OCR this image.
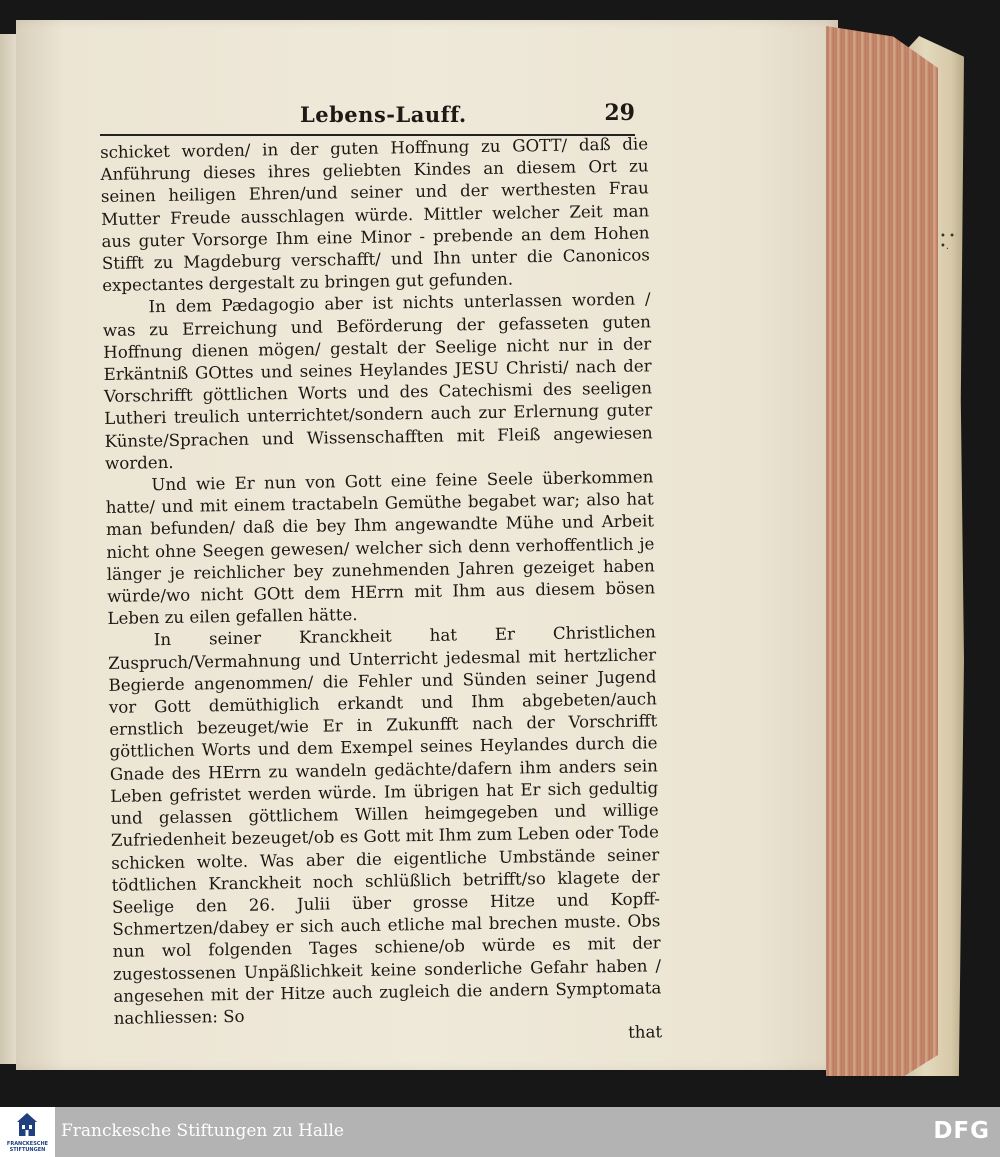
• •
•.
Lebens-Lauff.	29

schicket worden/ in der guten Hoffnung zu GOTT/ daß die Anführung dieses ihres geliebten Kindes an diesem Ort zu seinen heiligen Ehren/und seiner und der werthesten Frau Mutter Freude ausschlagen würde. Mittler welcher Zeit man aus guter Vorsorge Ihm eine Minor - prebende an dem Hohen Stifft zu Magdeburg verschafft/ und Ihn unter die Canonicos expectantes dergestalt zu bringen gut gefunden.

In dem Pædagogio aber ist nichts unterlassen worden / was zu Erreichung und Beförderung der gefasseten guten Hoffnung dienen mögen/ gestalt der Seelige nicht nur in der Erkäntniß GOttes und seines Heylandes JESU Christi/ nach der Vorschrifft göttlichen Worts und des Catechismi des seeligen Lutheri treulich unterrichtet/sondern auch zur Erlernung guter Künste/Sprachen und Wissenschafften mit Fleiß angewiesen worden.

Und wie Er nun von Gott eine feine Seele überkommen hatte/ und mit einem tractabeln Gemüthe begabet war; also hat man befunden/ daß die bey Ihm angewandte Mühe und Arbeit nicht ohne Seegen gewesen/ welcher sich denn verhoffentlich je länger je reichlicher bey zunehmenden Jahren gezeiget haben würde/wo nicht GOtt dem HErrn mit Ihm aus diesem bösen Leben zu eilen gefallen hätte.

In seiner Kranckheit hat Er Christlichen Zuspruch/Vermahnung und Unterricht jedesmal mit hertzlicher Begierde angenommen/ die Fehler und Sünden seiner Jugend vor Gott demüthiglich erkandt und Ihm abgebeten/auch ernstlich bezeuget/wie Er in Zukunfft nach der Vorschrifft göttlichen Worts und dem Exempel seines Heylandes durch die Gnade des HErrn zu wandeln gedächte/dafern ihm anders sein Leben gefristet werden würde. Im übrigen hat Er sich gedultig und gelassen göttlichem Willen heimgegeben und willige Zufriedenheit bezeuget/ob es Gott mit Ihm zum Leben oder Tode schicken wolte. Was aber die eigentliche Umbstände seiner tödtlichen Kranckheit noch schlüßlich betrifft/so klagete der Seelige den 26. Julii über grosse Hitze und Kopff-Schmertzen/dabey er sich auch etliche mal brechen muste. Obs nun wol folgenden Tages schiene/ob würde es mit der zugestossenen Unpäßlichkeit keine sonderliche Gefahr haben / angesehen mit der Hitze auch zugleich die andern Symptomata nachliessen: So

that

FRANCKESCHE STIFTUNGEN
Franckesche Stiftungen zu Halle	DFG
